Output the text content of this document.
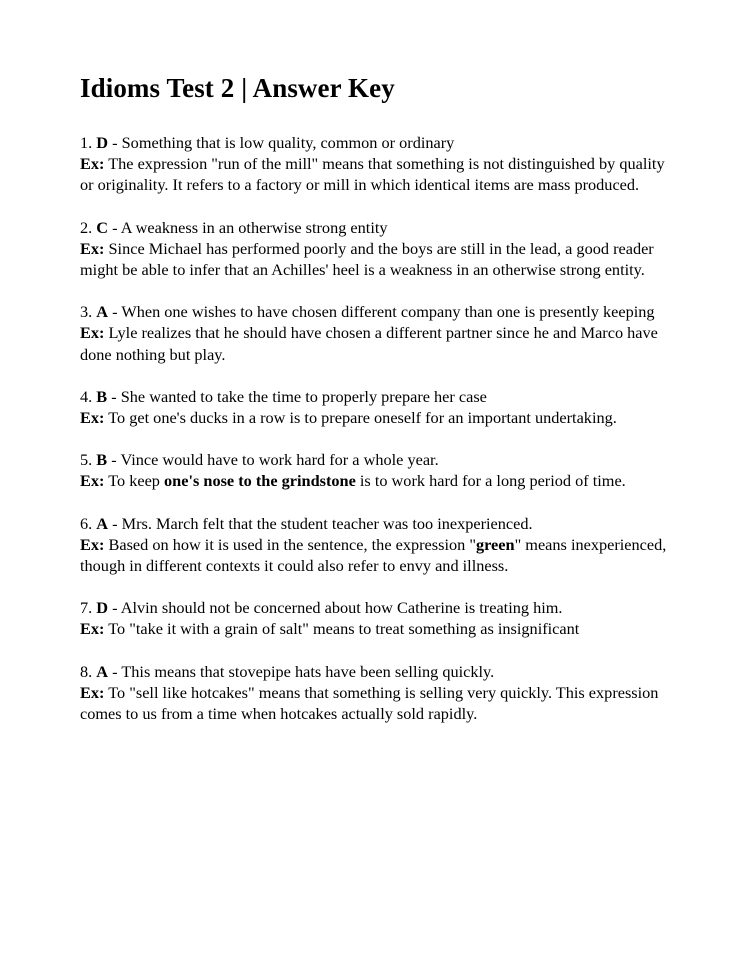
Idioms Test 2 | Answer Key

1. D - Something that is low quality, common or ordinary

Ex: The expression "run of the mill" means that something is not distinguished by quality or originality. It refers to a factory or mill in which identical items are mass produced.

2. C - A weakness in an otherwise strong entity

Ex: Since Michael has performed poorly and the boys are still in the lead, a good reader might be able to infer that an Achilles' heel is a weakness in an otherwise strong entity.

3. A - When one wishes to have chosen different company than one is presently keeping

Ex: Lyle realizes that he should have chosen a different partner since he and Marco have done nothing but play.

4. B - She wanted to take the time to properly prepare her case

Ex: To get one's ducks in a row is to prepare oneself for an important undertaking.

5. B - Vince would have to work hard for a whole year.

Ex: To keep one's nose to the grindstone is to work hard for a long period of time.

6. A - Mrs. March felt that the student teacher was too inexperienced.

Ex: Based on how it is used in the sentence, the expression "green" means inexperienced, though in different contexts it could also refer to envy and illness.

7. D - Alvin should not be concerned about how Catherine is treating him.

Ex: To "take it with a grain of salt" means to treat something as insignificant

8. A - This means that stovepipe hats have been selling quickly.

Ex: To "sell like hotcakes" means that something is selling very quickly. This expression comes to us from a time when hotcakes actually sold rapidly.
